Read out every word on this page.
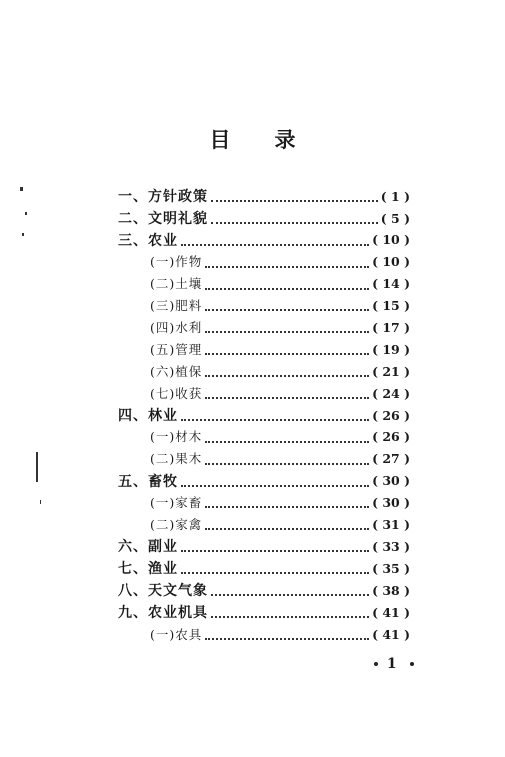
目 录
一、方针政策	( 1 )
二、文明礼貌	( 5 )
三、农业	( 10 )
(一)作物	( 10 )
(二)土壤	( 14 )
(三)肥料	( 15 )
(四)水利	( 17 )
(五)管理	( 19 )
(六)植保	( 21 )
(七)收获	( 24 )
四、林业	( 26 )
(一)材木	( 26 )
(二)果木	( 27 )
五、畜牧	( 30 )
(一)家畜	( 30 )
(二)家禽	( 31 )
六、副业	( 33 )
七、渔业	( 35 )
八、天文气象	( 38 )
九、农业机具	( 41 )
(一)农具	( 41 )
1
